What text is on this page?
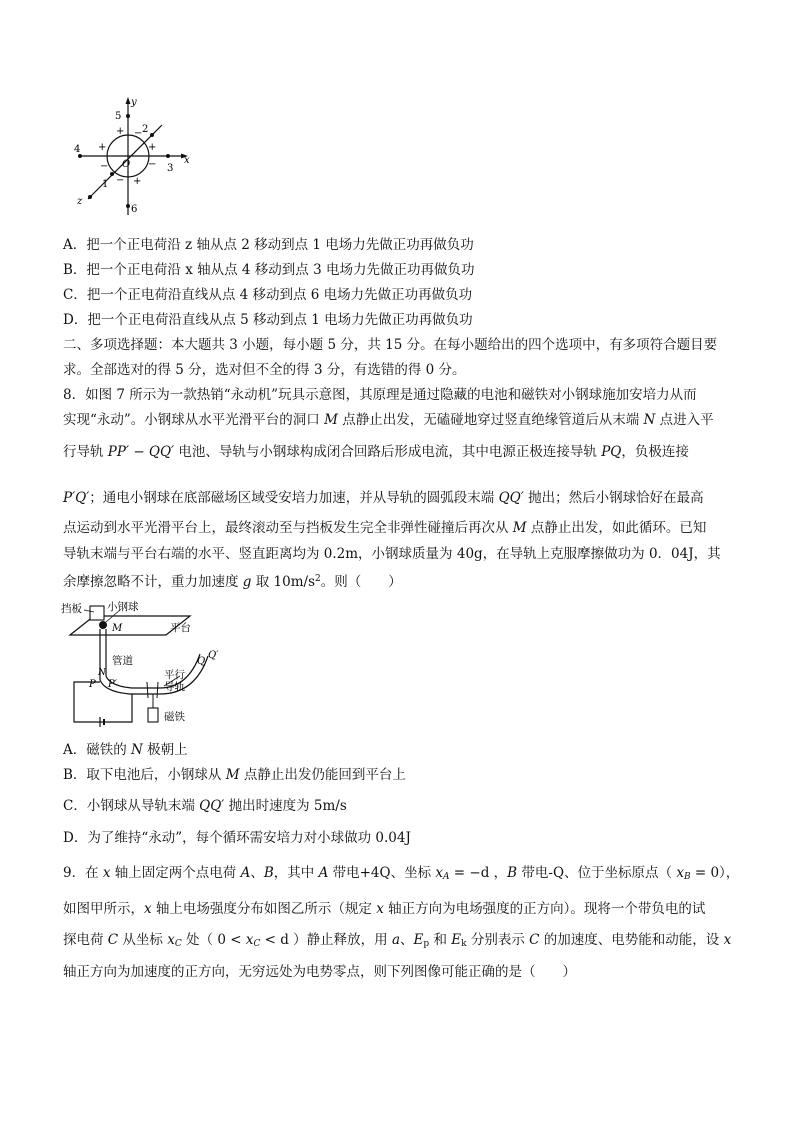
y
x
z
O
5
6
4
3
1
2
+ −
+	+
−	−
− +
A．把一个正电荷沿 z 轴从点 2 移动到点 1 电场力先做正功再做负功
B．把一个正电荷沿 x 轴从点 4 移动到点 3 电场力先做正功再做负功
C．把一个正电荷沿直线从点 4 移动到点 6 电场力先做正功再做负功
D．把一个正电荷沿直线从点 5 移动到点 1 电场力先做正功再做负功
二、多项选择题：本大题共 3 小题，每小题 5 分，共 15 分。在每小题给出的四个选项中，有多项符合题目要
求。全部选对的得 5 分，选对但不全的得 3 分，有选错的得 0 分。
8．如图 7 所示为一款热销“永动机”玩具示意图，其原理是通过隐藏的电池和磁铁对小钢球施加安培力从而
实现“永动”。小钢球从水平光滑平台的洞口 M 点静止出发，无磕碰地穿过竖直绝缘管道后从末端 N 点进入平
行导轨 PP′ − QQ′ 电池、导轨与小钢球构成闭合回路后形成电流，其中电源正极连接导轨 PQ，负极连接
P′Q′；通电小钢球在底部磁场区域受安培力加速，并从导轨的圆弧段末端 QQ′ 抛出；然后小钢球恰好在最高
点运动到水平光滑平台上，最终滚动至与挡板发生完全非弹性碰撞后再次从 M 点静止出发，如此循环。已知
导轨末端与平台右端的水平、竖直距离均为 0.2m，小钢球质量为 40g，在导轨上克服摩擦做功为 0．04J，其
余摩擦忽略不计，重力加速度 g 取 $10m/s^2$。则（　　）
挡板 小钢球
M	平台
管道
N
P P′
Q
Q′
平行
导轨
磁铁
A．磁铁的 N 极朝上
B．取下电池后，小钢球从 M 点静止出发仍能回到平台上
C．小钢球从导轨末端 QQ′ 抛出时速度为 5m/s
D．为了维持“永动”，每个循环需安培力对小球做功 0.04J
9．在 x 轴上固定两个点电荷 A、B，其中 A 带电+4Q、坐标 $x_A = -d$ ，B 带电-Q、位于坐标原点（ $x_B = 0$），
如图甲所示，x 轴上电场强度分布如图乙所示（规定 x 轴正方向为电场强度的正方向）。现将一个带负电的试
探电荷 C 从坐标 $x_C$ 处（ $0 < x_C < d$ ）静止释放，用 a、$E_p$ 和 $E_k$ 分别表示 C 的加速度、电势能和动能，设 x
轴正方向为加速度的正方向，无穷远处为电势零点，则下列图像可能正确的是（　　）
